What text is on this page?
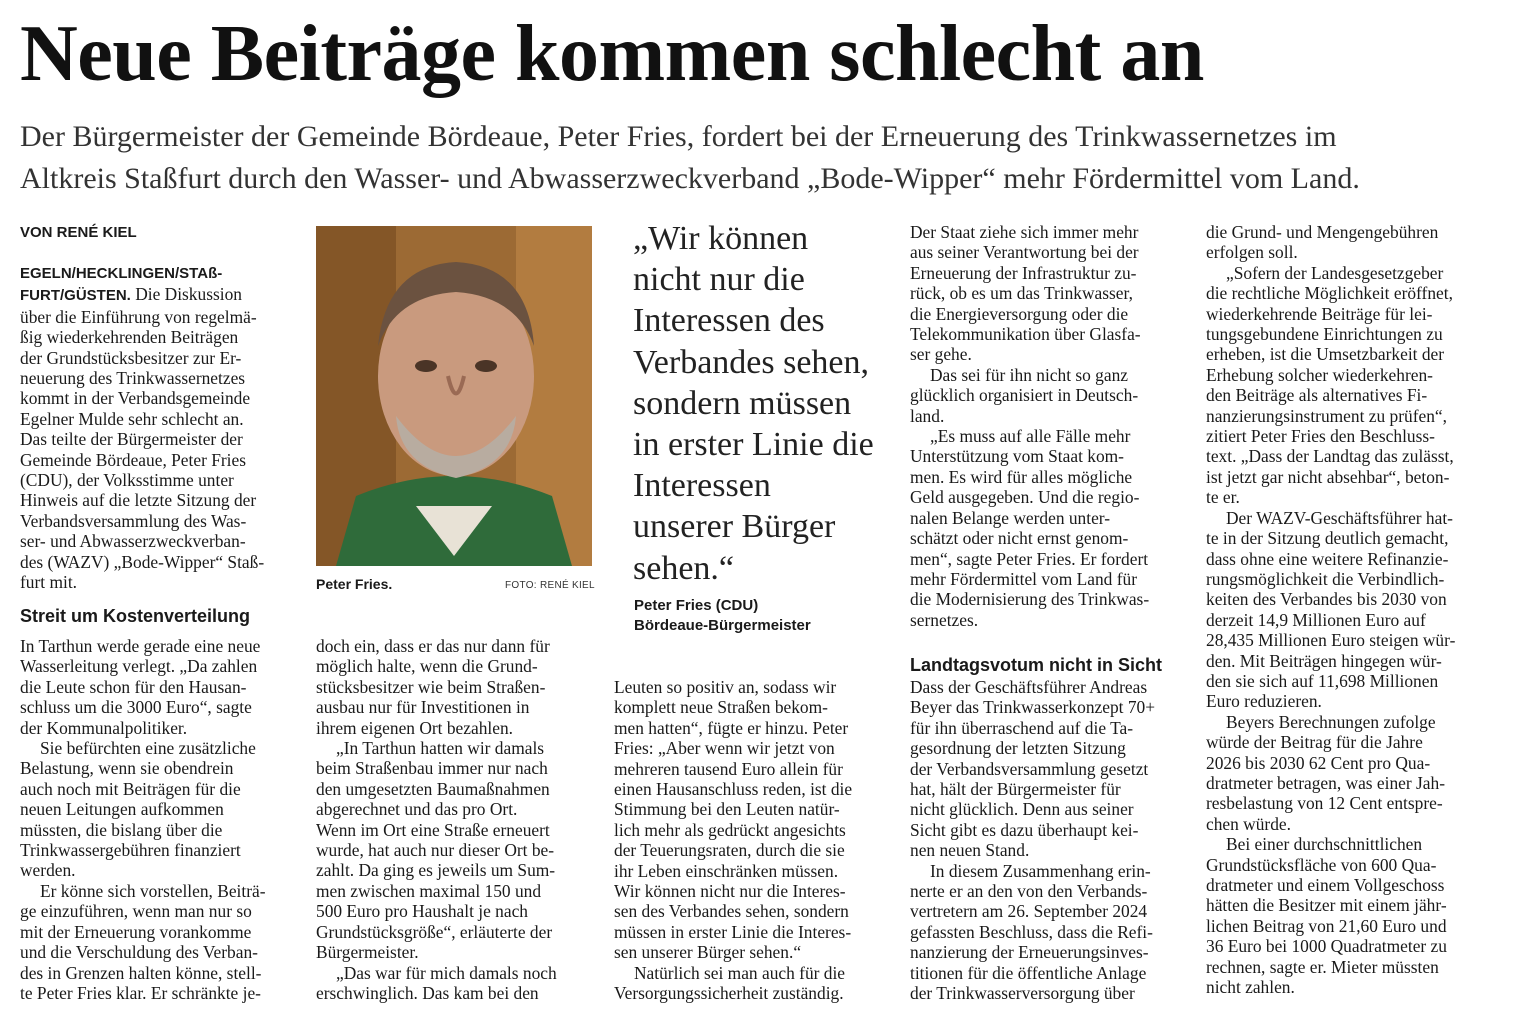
Neue Beiträge kommen schlecht an
Der Bürgermeister der Gemeinde Bördeaue, Peter Fries, fordert bei der Erneuerung des Trinkwassernetzes im
Altkreis Staßfurt durch den Wasser- und Abwasserzweckverband „Bode-Wipper“ mehr Fördermittel vom Land.
VON RENÉ KIEL
EGELN/HECKLINGEN/STAß-
FURT/GÜSTEN. Die Diskussion
über die Einführung von regelmä-
ßig wiederkehrenden Beiträgen
der Grundstücksbesitzer zur Er-
neuerung des Trinkwassernetzes
kommt in der Verbandsgemeinde
Egelner Mulde sehr schlecht an.
Das teilte der Bürgermeister der
Gemeinde Bördeaue, Peter Fries
(CDU), der Volksstimme unter
Hinweis auf die letzte Sitzung der
Verbandsversammlung des Was-
ser- und Abwasserzweckverban-
des (WAZV) „Bode-Wipper“ Staß-
furt mit.
Streit um Kostenverteilung
In Tarthun werde gerade eine neue
Wasserleitung verlegt. „Da zahlen
die Leute schon für den Hausan-
schluss um die 3000 Euro“, sagte
der Kommunalpolitiker.
Sie befürchten eine zusätzliche
Belastung, wenn sie obendrein
auch noch mit Beiträgen für die
neuen Leitungen aufkommen
müssten, die bislang über die
Trinkwassergebühren finanziert
werden.
Er könne sich vorstellen, Beiträ-
ge einzuführen, wenn man nur so
mit der Erneuerung vorankomme
und die Verschuldung des Verban-
des in Grenzen halten könne, stell-
te Peter Fries klar. Er schränkte je-
Peter Fries.	FOTO: RENÉ KIEL
doch ein, dass er das nur dann für
möglich halte, wenn die Grund-
stücksbesitzer wie beim Straßen-
ausbau nur für Investitionen in
ihrem eigenen Ort bezahlen.
„In Tarthun hatten wir damals
beim Straßenbau immer nur nach
den umgesetzten Baumaßnahmen
abgerechnet und das pro Ort.
Wenn im Ort eine Straße erneuert
wurde, hat auch nur dieser Ort be-
zahlt. Da ging es jeweils um Sum-
men zwischen maximal 150 und
500 Euro pro Haushalt je nach
Grundstücksgröße“, erläuterte der
Bürgermeister.
„Das war für mich damals noch
erschwinglich. Das kam bei den
„Wir können
nicht nur die
Interessen des
Verbandes sehen,
sondern müssen
in erster Linie die
Interessen
unserer Bürger
sehen.“
Peter Fries (CDU)
Bördeaue-Bürgermeister
Leuten so positiv an, sodass wir
komplett neue Straßen bekom-
men hatten“, fügte er hinzu. Peter
Fries: „Aber wenn wir jetzt von
mehreren tausend Euro allein für
einen Hausanschluss reden, ist die
Stimmung bei den Leuten natür-
lich mehr als gedrückt angesichts
der Teuerungsraten, durch die sie
ihr Leben einschränken müssen.
Wir können nicht nur die Interes-
sen des Verbandes sehen, sondern
müssen in erster Linie die Interes-
sen unserer Bürger sehen.“
Natürlich sei man auch für die
Versorgungssicherheit zuständig.
Der Staat ziehe sich immer mehr
aus seiner Verantwortung bei der
Erneuerung der Infrastruktur zu-
rück, ob es um das Trinkwasser,
die Energieversorgung oder die
Telekommunikation über Glasfa-
ser gehe.
Das sei für ihn nicht so ganz
glücklich organisiert in Deutsch-
land.
„Es muss auf alle Fälle mehr
Unterstützung vom Staat kom-
men. Es wird für alles mögliche
Geld ausgegeben. Und die regio-
nalen Belange werden unter-
schätzt oder nicht ernst genom-
men“, sagte Peter Fries. Er fordert
mehr Fördermittel vom Land für
die Modernisierung des Trinkwas-
sernetzes.
Landtagsvotum nicht in Sicht
Dass der Geschäftsführer Andreas
Beyer das Trinkwasserkonzept 70+
für ihn überraschend auf die Ta-
gesordnung der letzten Sitzung
der Verbandsversammlung gesetzt
hat, hält der Bürgermeister für
nicht glücklich. Denn aus seiner
Sicht gibt es dazu überhaupt kei-
nen neuen Stand.
In diesem Zusammenhang erin-
nerte er an den von den Verbands-
vertretern am 26. September 2024
gefassten Beschluss, dass die Refi-
nanzierung der Erneuerungsinves-
titionen für die öffentliche Anlage
der Trinkwasserversorgung über
die Grund- und Mengengebühren
erfolgen soll.
„Sofern der Landesgesetzgeber
die rechtliche Möglichkeit eröffnet,
wiederkehrende Beiträge für lei-
tungsgebundene Einrichtungen zu
erheben, ist die Umsetzbarkeit der
Erhebung solcher wiederkehren-
den Beiträge als alternatives Fi-
nanzierungsinstrument zu prüfen“,
zitiert Peter Fries den Beschluss-
text. „Dass der Landtag das zulässt,
ist jetzt gar nicht absehbar“, beton-
te er.
Der WAZV-Geschäftsführer hat-
te in der Sitzung deutlich gemacht,
dass ohne eine weitere Refinanzie-
rungsmöglichkeit die Verbindlich-
keiten des Verbandes bis 2030 von
derzeit 14,9 Millionen Euro auf
28,435 Millionen Euro steigen wür-
den. Mit Beiträgen hingegen wür-
den sie sich auf 11,698 Millionen
Euro reduzieren.
Beyers Berechnungen zufolge
würde der Beitrag für die Jahre
2026 bis 2030 62 Cent pro Qua-
dratmeter betragen, was einer Jah-
resbelastung von 12 Cent entspre-
chen würde.
Bei einer durchschnittlichen
Grundstücksfläche von 600 Qua-
dratmeter und einem Vollgeschoss
hätten die Besitzer mit einem jähr-
lichen Beitrag von 21,60 Euro und
36 Euro bei 1000 Quadratmeter zu
rechnen, sagte er. Mieter müssten
nicht zahlen.
